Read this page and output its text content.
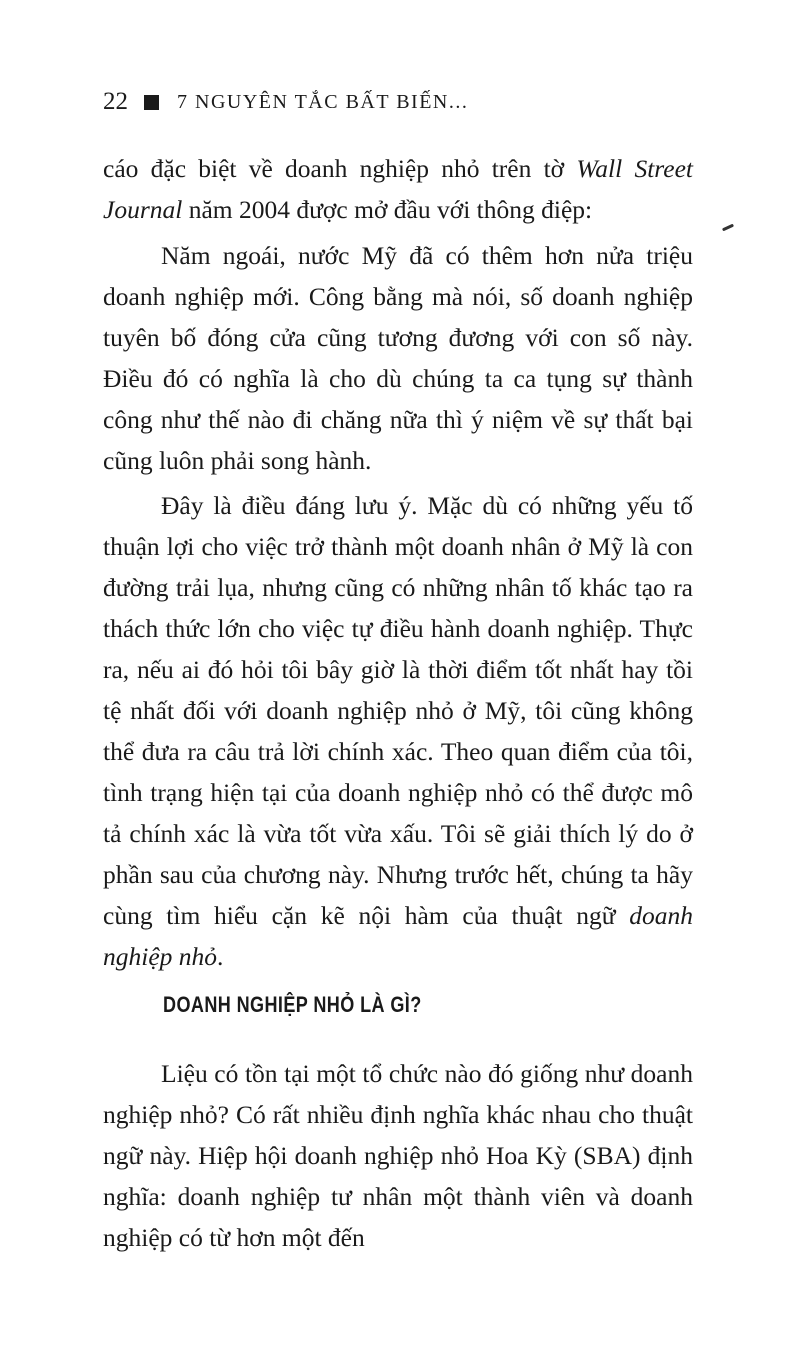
22 7 NGUYÊN TẮC BẤT BIẾN...

cáo đặc biệt về doanh nghiệp nhỏ trên tờ Wall Street Journal năm 2004 được mở đầu với thông điệp:

Năm ngoái, nước Mỹ đã có thêm hơn nửa triệu doanh nghiệp mới. Công bằng mà nói, số doanh nghiệp tuyên bố đóng cửa cũng tương đương với con số này. Điều đó có nghĩa là cho dù chúng ta ca tụng sự thành công như thế nào đi chăng nữa thì ý niệm về sự thất bại cũng luôn phải song hành.

Đây là điều đáng lưu ý. Mặc dù có những yếu tố thuận lợi cho việc trở thành một doanh nhân ở Mỹ là con đường trải lụa, nhưng cũng có những nhân tố khác tạo ra thách thức lớn cho việc tự điều hành doanh nghiệp. Thực ra, nếu ai đó hỏi tôi bây giờ là thời điểm tốt nhất hay tồi tệ nhất đối với doanh nghiệp nhỏ ở Mỹ, tôi cũng không thể đưa ra câu trả lời chính xác. Theo quan điểm của tôi, tình trạng hiện tại của doanh nghiệp nhỏ có thể được mô tả chính xác là vừa tốt vừa xấu. Tôi sẽ giải thích lý do ở phần sau của chương này. Nhưng trước hết, chúng ta hãy cùng tìm hiểu cặn kẽ nội hàm của thuật ngữ doanh nghiệp nhỏ.

DOANH NGHIỆP NHỎ LÀ GÌ?

Liệu có tồn tại một tổ chức nào đó giống như doanh nghiệp nhỏ? Có rất nhiều định nghĩa khác nhau cho thuật ngữ này. Hiệp hội doanh nghiệp nhỏ Hoa Kỳ (SBA) định nghĩa: doanh nghiệp tư nhân một thành viên và doanh nghiệp có từ hơn một đến
